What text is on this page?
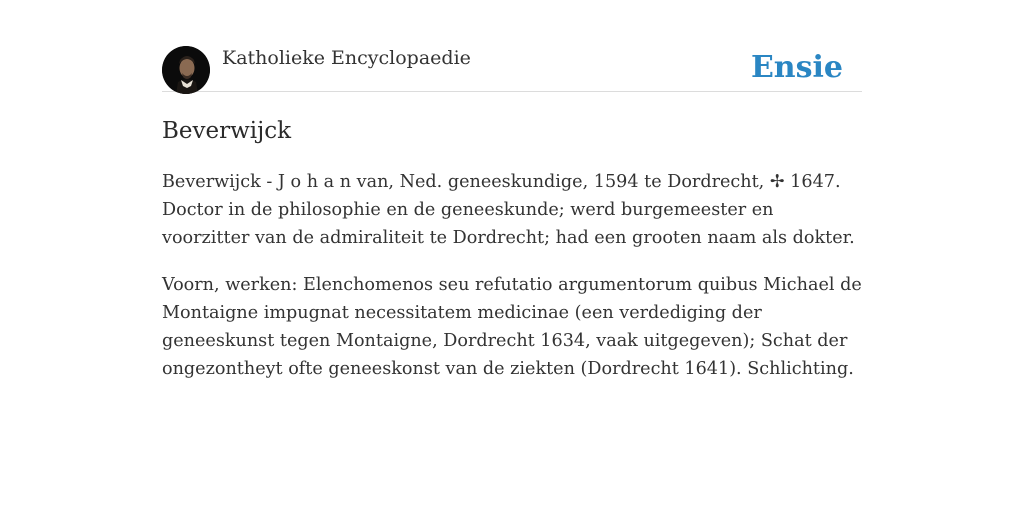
Katholieke Encyclopaedie	Ensie
Beverwijck

Beverwijck - J o h a n van, Ned. geneeskundige, 1594 te Dordrecht, ✢ 1647. Doctor in de philosophie en de geneeskunde; werd burgemeester en voorzitter van de admiraliteit te Dordrecht; had een grooten naam als dokter.

Voorn, werken: Elenchomenos seu refutatio argumentorum quibus Michael de Montaigne impugnat necessitatem medicinae (een verdediging der geneeskunst tegen Montaigne, Dordrecht 1634, vaak uitgegeven); Schat der ongezontheyt ofte geneeskonst van de ziekten (Dordrecht 1641). Schlichting.
